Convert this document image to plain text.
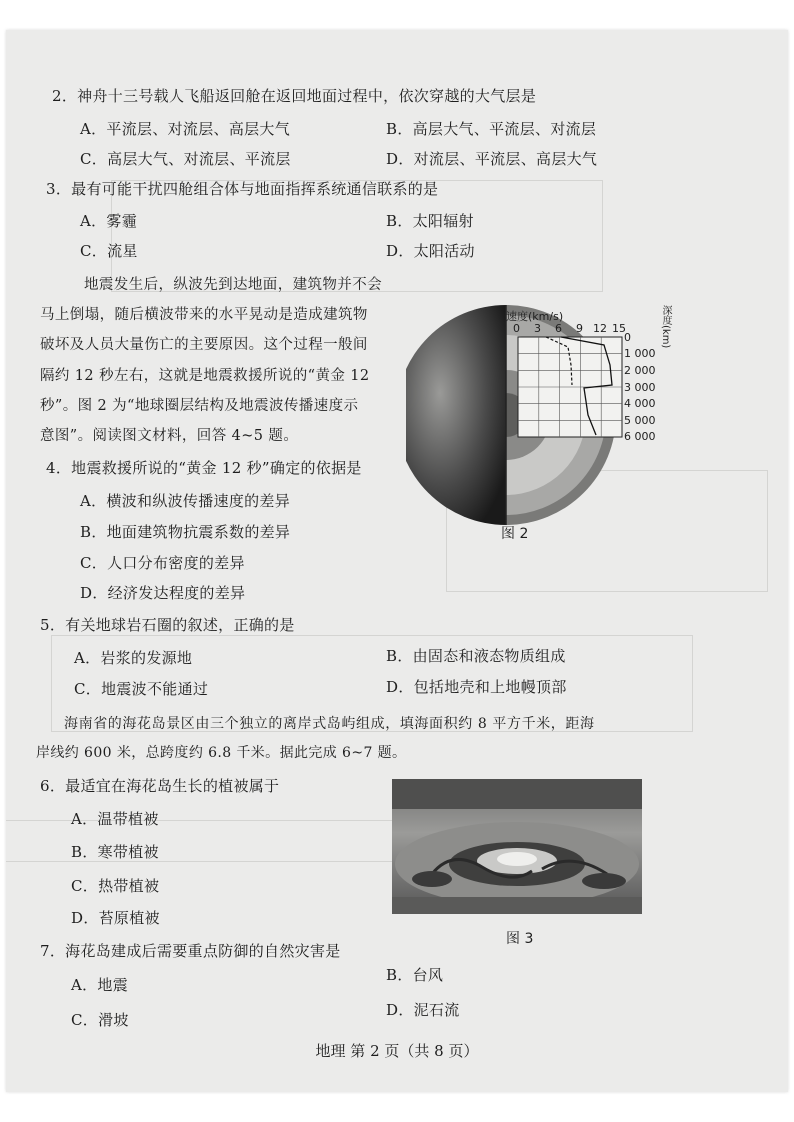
2．神舟十三号载人飞船返回舱在返回地面过程中，依次穿越的大气层是
A．平流层、对流层、高层大气	B．高层大气、平流层、对流层
C．高层大气、对流层、平流层	D．对流层、平流层、高层大气
3．最有可能干扰四舱组合体与地面指挥系统通信联系的是
A．雾霾	B．太阳辐射
C．流星	D．太阳活动
地震发生后，纵波先到达地面，建筑物并不会
马上倒塌，随后横波带来的水平晃动是造成建筑物
破坏及人员大量伤亡的主要原因。这个过程一般间
隔约 12 秒左右，这就是地震救援所说的“黄金 12
秒”。图 2 为“地球圈层结构及地震波传播速度示
意图”。阅读图文材料，回答 4~5 题。
速度(km/s)
0 3 6 9 12 15
0
1 000
2 000
3 000
4 000
5 000
6 000
深度(km)
图 2
4．地震救援所说的“黄金 12 秒”确定的依据是
A．横波和纵波传播速度的差异
B．地面建筑物抗震系数的差异
C．人口分布密度的差异
D．经济发达程度的差异
5．有关地球岩石圈的叙述，正确的是
A．岩浆的发源地	B．由固态和液态物质组成
C．地震波不能通过	D．包括地壳和上地幔顶部
海南省的海花岛景区由三个独立的离岸式岛屿组成，填海面积约 8 平方千米，距海
岸线约 600 米，总跨度约 6.8 千米。据此完成 6~7 题。
6．最适宜在海花岛生长的植被属于
A．温带植被
B．寒带植被
C．热带植被
D．苔原植被
图 3
7．海花岛建成后需要重点防御的自然灾害是
A．地震
B．台风
C．滑坡
D．泥石流
地理 第 2 页（共 8 页）
